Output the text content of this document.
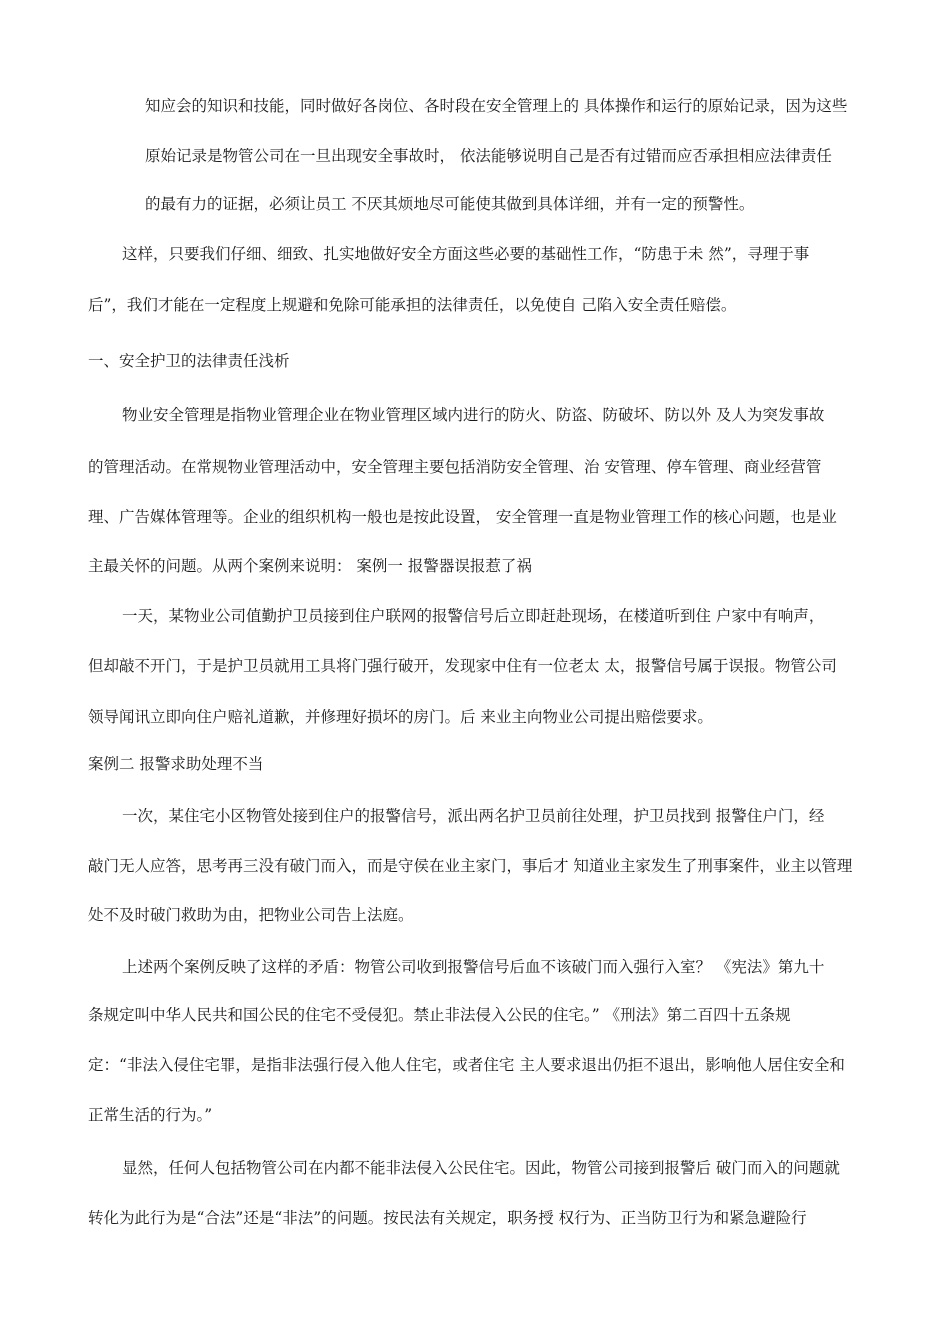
知应会的知识和技能，同时做好各岗位、各时段在安全管理上的 具体操作和运行的原始记录，因为这些
原始记录是物管公司在一旦出现安全事故时， 依法能够说明自己是否有过错而应否承担相应法律责任
的最有力的证据，必须让员工 不厌其烦地尽可能使其做到具体详细，并有一定的预警性。
这样，只要我们仔细、细致、扎实地做好安全方面这些必要的基础性工作，“防患于未 然”，寻理于事
后”，我们才能在一定程度上规避和免除可能承担的法律责任，以免使自 己陷入安全责任赔偿。
一、安全护卫的法律责任浅析
物业安全管理是指物业管理企业在物业管理区域内进行的防火、防盗、防破坏、防以外 及人为突发事故
的管理活动。在常规物业管理活动中，安全管理主要包括消防安全管理、治 安管理、停车管理、商业经营管
理、广告媒体管理等。企业的组织机构一般也是按此设置， 安全管理一直是物业管理工作的核心问题，也是业
主最关怀的问题。从两个案例来说明： 案例一 报警器误报惹了祸
一天，某物业公司值勤护卫员接到住户联网的报警信号后立即赶赴现场，在楼道听到住 户家中有响声，
但却敲不开门，于是护卫员就用工具将门强行破开，发现家中住有一位老太 太，报警信号属于误报。物管公司
领导闻讯立即向住户赔礼道歉，并修理好损坏的房门。后 来业主向物业公司提出赔偿要求。
案例二 报警求助处理不当
一次，某住宅小区物管处接到住户的报警信号，派出两名护卫员前往处理，护卫员找到 报警住户门，经
敲门无人应答，思考再三没有破门而入，而是守侯在业主家门，事后才 知道业主家发生了刑事案件，业主以管理
处不及时破门救助为由，把物业公司告上法庭。
上述两个案例反映了这样的矛盾：物管公司收到报警信号后血不该破门而入强行入室？ 《宪法》第九十
条规定叫中华人民共和国公民的住宅不受侵犯。禁止非法侵入公民的住宅。” 《刑法》第二百四十五条规
定：“非法入侵住宅罪，是指非法强行侵入他人住宅，或者住宅 主人要求退出仍拒不退出，影响他人居住安全和
正常生活的行为。”
显然，任何人包括物管公司在内都不能非法侵入公民住宅。因此，物管公司接到报警后 破门而入的问题就
转化为此行为是“合法”还是“非法”的问题。按民法有关规定，职务授 权行为、正当防卫行为和紧急避险行
